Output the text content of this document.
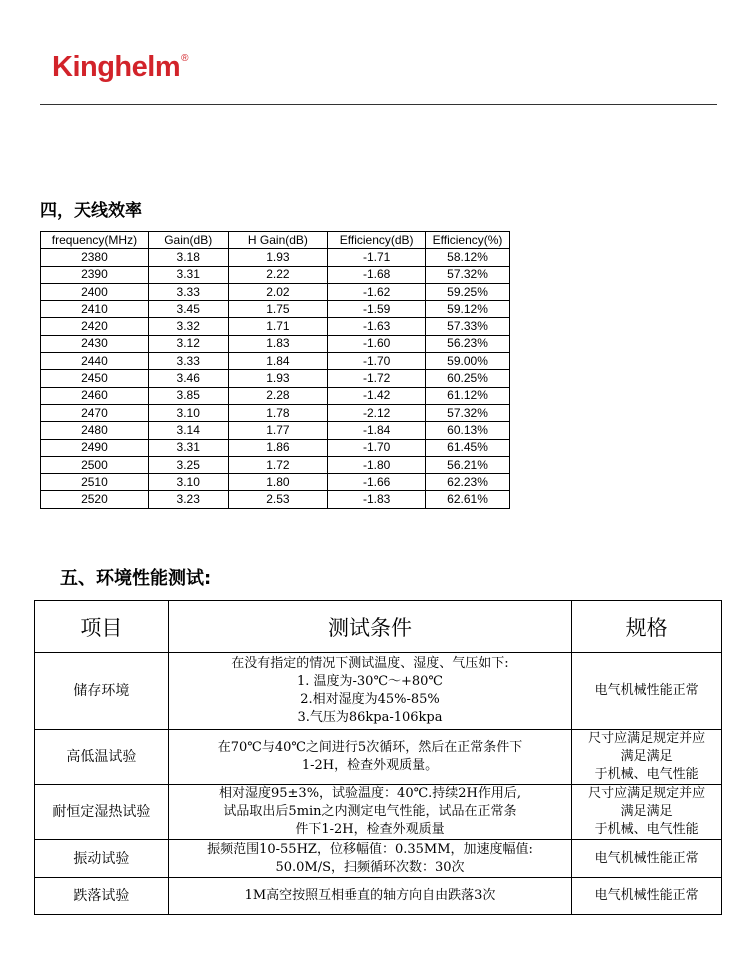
Kinghelm®
四，天线效率
frequency(MHz)	Gain(dB)	H Gain(dB)	Efficiency(dB)	Efficiency(%)
2380	3.18	1.93	-1.71	58.12%
2390	3.31	2.22	-1.68	57.32%
2400	3.33	2.02	-1.62	59.25%
2410	3.45	1.75	-1.59	59.12%
2420	3.32	1.71	-1.63	57.33%
2430	3.12	1.83	-1.60	56.23%
2440	3.33	1.84	-1.70	59.00%
2450	3.46	1.93	-1.72	60.25%
2460	3.85	2.28	-1.42	61.12%
2470	3.10	1.78	-2.12	57.32%
2480	3.14	1.77	-1.84	60.13%
2490	3.31	1.86	-1.70	61.45%
2500	3.25	1.72	-1.80	56.21%
2510	3.10	1.80	-1.66	62.23%
2520	3.23	2.53	-1.83	62.61%
五、环境性能测试:
项目	测试条件	规格
储存环境	在没有指定的情况下测试温度、湿度、气压如下:
1. 温度为-30℃～+80℃
2.相对湿度为45%-85%
3.气压为86kpa-106kpa	电气机械性能正常

高低温试验	在70℃与40℃之间进行5次循环，然后在正常条件下
1-2H，检查外观质量。	尺寸应满足规定并应
满足满足
于机械、电气性能

耐恒定湿热试验	相对湿度95±3%，试验温度：40℃.持续2H作用后,
试品取出后5min之内测定电气性能，试品在正常条
件下1-2H，检查外观质量	尺寸应满足规定并应
满足满足
于机械、电气性能

振动试验	振频范围10-55HZ，位移幅值：0.35MM，加速度幅值:
50.0M/S，扫频循环次数：30次	电气机械性能正常

跌落试验	1M高空按照互相垂直的轴方向自由跌落3次	电气机械性能正常
